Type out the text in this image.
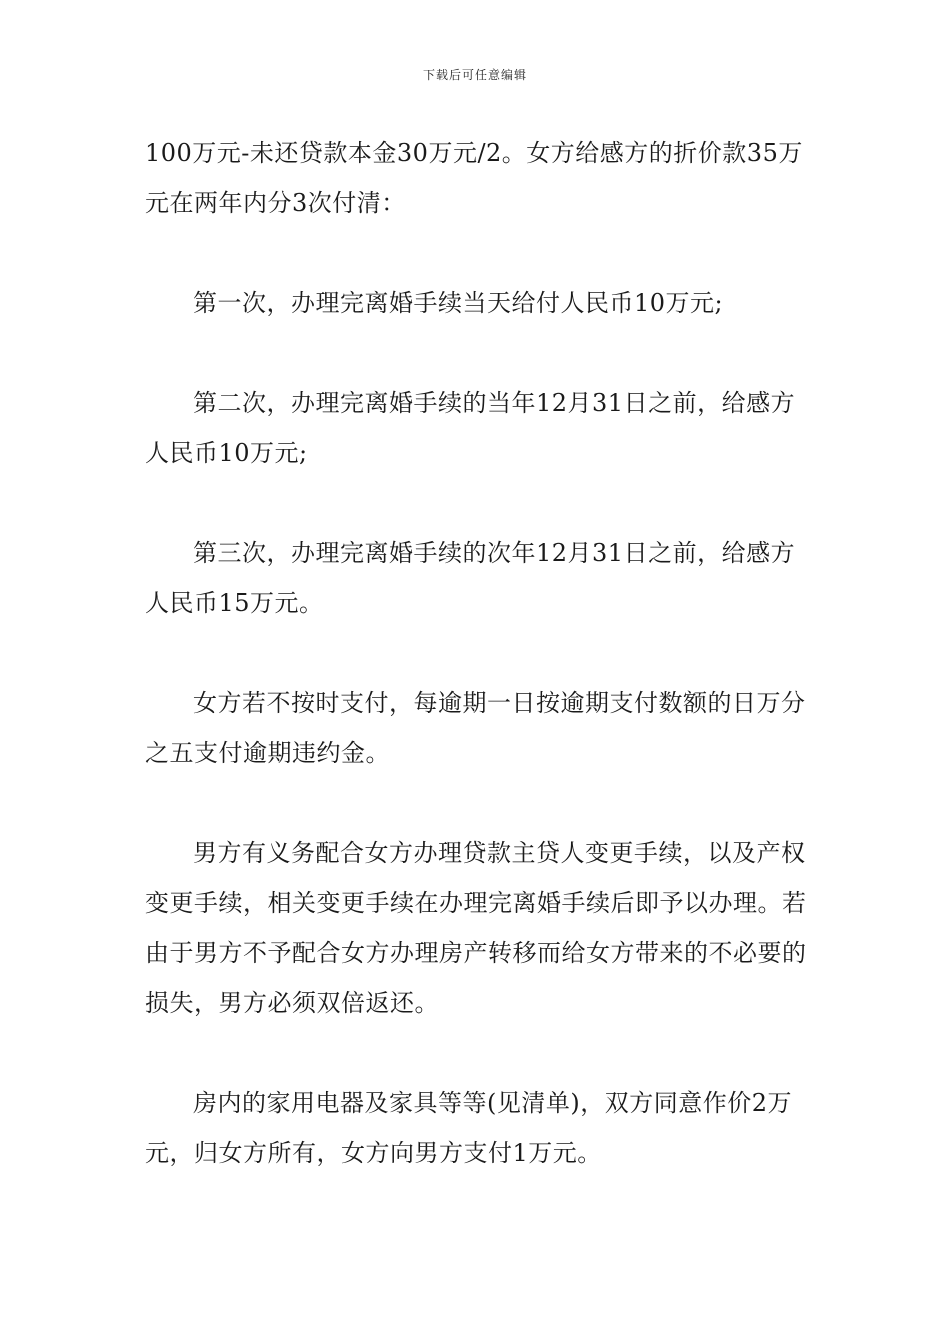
下载后可任意编辑

100万元-未还贷款本金30万元/2。女方给感方的折价款35万元在两年内分3次付清：

第一次，办理完离婚手续当天给付人民币10万元;

第二次，办理完离婚手续的当年12月31日之前，给感方人民币10万元;

第三次，办理完离婚手续的次年12月31日之前，给感方人民币15万元。

女方若不按时支付，每逾期一日按逾期支付数额的日万分之五支付逾期违约金。

男方有义务配合女方办理贷款主贷人变更手续，以及产权变更手续，相关变更手续在办理完离婚手续后即予以办理。若由于男方不予配合女方办理房产转移而给女方带来的不必要的损失，男方必须双倍返还。

房内的家用电器及家具等等(见清单)，双方同意作价2万元，归女方所有，女方向男方支付1万元。
